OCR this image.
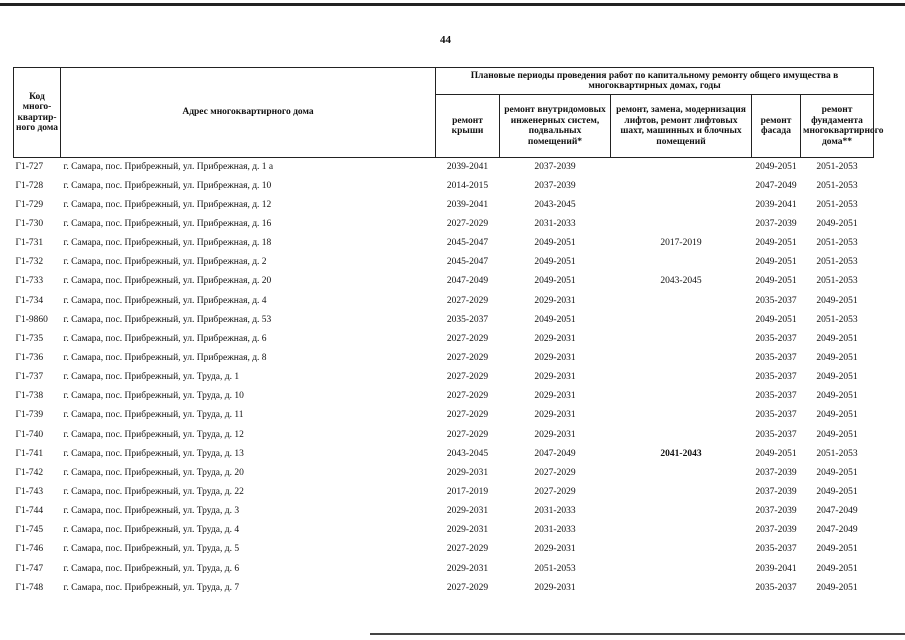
44
Код много-квартир-ного дома	Адрес многоквартирного дома	Плановые периоды проведения работ по капитальному ремонту общего имущества в многоквартирных домах, годы				
		ремонт крыши	ремонт внутридомовых инженерных систем, подвальных помещений*	ремонт, замена, модернизация лифтов, ремонт лифтовых шахт, машинных и блочных помещений	ремонт фасада	ремонт фундамента многоквартирного дома**
Г1-727	г. Самара, пос. Прибрежный, ул. Прибрежная, д. 1 а	2039-2041	2037-2039		2049-2051	2051-2053
Г1-728	г. Самара, пос. Прибрежный, ул. Прибрежная, д. 10	2014-2015	2037-2039		2047-2049	2051-2053
Г1-729	г. Самара, пос. Прибрежный, ул. Прибрежная, д. 12	2039-2041	2043-2045		2039-2041	2051-2053
Г1-730	г. Самара, пос. Прибрежный, ул. Прибрежная, д. 16	2027-2029	2031-2033		2037-2039	2049-2051
Г1-731	г. Самара, пос. Прибрежный, ул. Прибрежная, д. 18	2045-2047	2049-2051	2017-2019	2049-2051	2051-2053
Г1-732	г. Самара, пос. Прибрежный, ул. Прибрежная, д. 2	2045-2047	2049-2051		2049-2051	2051-2053
Г1-733	г. Самара, пос. Прибрежный, ул. Прибрежная, д. 20	2047-2049	2049-2051	2043-2045	2049-2051	2051-2053
Г1-734	г. Самара, пос. Прибрежный, ул. Прибрежная, д. 4	2027-2029	2029-2031		2035-2037	2049-2051
Г1-9860	г. Самара, пос. Прибрежный, ул. Прибрежная, д. 53	2035-2037	2049-2051		2049-2051	2051-2053
Г1-735	г. Самара, пос. Прибрежный, ул. Прибрежная, д. 6	2027-2029	2029-2031		2035-2037	2049-2051
Г1-736	г. Самара, пос. Прибрежный, ул. Прибрежная, д. 8	2027-2029	2029-2031		2035-2037	2049-2051
Г1-737	г. Самара, пос. Прибрежный, ул. Труда, д. 1	2027-2029	2029-2031		2035-2037	2049-2051
Г1-738	г. Самара, пос. Прибрежный, ул. Труда, д. 10	2027-2029	2029-2031		2035-2037	2049-2051
Г1-739	г. Самара, пос. Прибрежный, ул. Труда, д. 11	2027-2029	2029-2031		2035-2037	2049-2051
Г1-740	г. Самара, пос. Прибрежный, ул. Труда, д. 12	2027-2029	2029-2031		2035-2037	2049-2051
Г1-741	г. Самара, пос. Прибрежный, ул. Труда, д. 13	2043-2045	2047-2049	2041-2043	2049-2051	2051-2053
Г1-742	г. Самара, пос. Прибрежный, ул. Труда, д. 20	2029-2031	2027-2029		2037-2039	2049-2051
Г1-743	г. Самара, пос. Прибрежный, ул. Труда, д. 22	2017-2019	2027-2029		2037-2039	2049-2051
Г1-744	г. Самара, пос. Прибрежный, ул. Труда, д. 3	2029-2031	2031-2033		2037-2039	2047-2049
Г1-745	г. Самара, пос. Прибрежный, ул. Труда, д. 4	2029-2031	2031-2033		2037-2039	2047-2049
Г1-746	г. Самара, пос. Прибрежный, ул. Труда, д. 5	2027-2029	2029-2031		2035-2037	2049-2051
Г1-747	г. Самара, пос. Прибрежный, ул. Труда, д. 6	2029-2031	2051-2053		2039-2041	2049-2051
Г1-748	г. Самара, пос. Прибрежный, ул. Труда, д. 7	2027-2029	2029-2031		2035-2037	2049-2051
